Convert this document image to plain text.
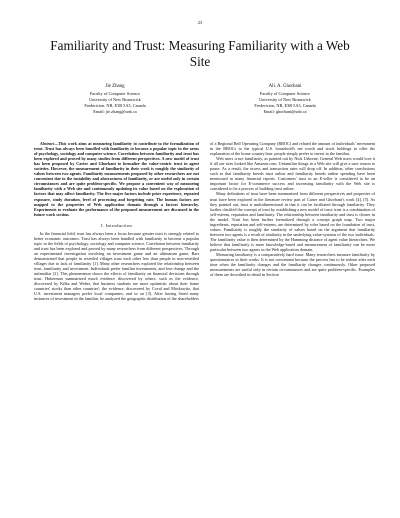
23
Familiarity and Trust: Measuring Familiarity with a Web Site
Jie Zhang
Faculty of Computer Science
University of New Brunswick
Fredericton, NB, E3B 5A3, Canada
Email: jie.zhang@unb.ca
Ali. A. Ghorbani
Faculty of Computer Science
University of New Brunswick
Fredericton, NB, E3B 5A3, Canada
Email: ghorbani@unb.ca

Abstract—This work aims at measuring familiarity to contribute to the formalization of trust. Trust has always been bundled with familiarity to become a popular topic in the areas of psychology, sociology and computer science. Correlation between familiarity and trust has been explored and proved by many studies from different perspectives. A new model of trust has been proposed by Carter and Ghorbani to formalize the value-centric trust in agent societies. However, the measurement of familiarity in their work is roughly the similarity of values between two agents. Familiarity measurements proposed by other researchers are not convenient due to the instability and abstractness of familiarity, or are useful only in certain circumstances and are quite problem-specific. We propose a convenient way of measuring familiarity with a Web site and continuously updating its value based on the exploration of factors that may affect familiarity. The five major factors include prior experience, repeated exposure, study duration, level of processing and forgetting rate. The human factors are mapped to the properties of Web application domain through a factors hierarchy. Experiments to evaluate the performance of the proposed measurement are discussed in the future work section.

I. Introduction

In the financial field, trust has always been a focus because greater trust is strongly related to better economic outcomes. Trust has always been bundled with familiarity to become a popular topic in the fields of psychology, sociology and computer science. Correlation between familiarity and trust has been explored and proved by many researchers from different perspectives. Through an experimental investigation involving an investment game and an ultimatum game, Barr demonstrated that people in resettled villages trust each other less than people in non-resettled villages due to lack of familiarity [1]. Many other researchers explored the relationship between trust, familiarity and investment. Individuals prefer familiar investments, and fear change and the unfamiliar [2]. This phenomenon shows the effects of familiarity on financial decisions through trust. Huberman summarized much evidence discovered by others, such as the evidence, discovered by Kilka and Weber, that business students are more optimistic about their home countries' stocks than other countries'; the evidence, discovered by Coval and Moskowitz, that U.S. investment managers prefer local companies; and so on [3]. After having listed many instances of investment in the familiar, he analyzed the geographic distribution of the shareholders

of a Regional Bell Operating Company (RBOC) and related the amount of individuals' investment in the RBOCs to the typical U.S. household's net worth and stock holdings to offer the explanation of the home country bias: people simply prefer to invest in the familiar.

Web users crave familiarity, as pointed out by Nick Usborne. General Web users would love it if all our sites looked like Amazon.com. Unfamiliar things in a Web site will give a user reason to pause. As a result, the access and transaction rates will drop off. In addition, other conclusions such as that familiarity breeds trust online and familiarity breeds online spending have been mentioned in many financial reports. Customers' trust in an E-seller is considered to be an important factor for E-commerce success and increasing familiarity with the Web site is considered to be a process of building trust online.

Many definitions of trust have been summarized from different perspectives and properties of trust have been explored in the literature review part of Carter and Ghorbani's work [4], [5]. As they pointed out, trust is multidimensional in that it can be facilitated through familiarity. They further clarified the concept of trust by establishing a new model of trust: trust is a combination of self-esteem, reputation and familiarity. The relationship between familiarity and trust is clearer in the model. Trust has been further formalized through a concept graph map. Two major ingredients, reputation and self-esteem, are determined by roles based on the foundation of trust, values. Familiarity is roughly the similarity of values based on the argument that familiarity between two agents is a result of similarity in the underlying value-systems of the two individuals. The familiarity value is then determined by the Hamming distance of agent value hierarchies. We believe that familiarity is more knowledge-based and measurement of familiarity can be more particular between two agents in the Web application domain.

Measuring familiarity is a comparatively hard issue. Many researchers measure familiarity by questionnaires in their works. It is not convenient because the process has to be redone after each time when the familiarity changes and the familiarity changes continuously. Other proposed measurements are useful only in certain circumstances and are quite problem-specific. Examples of them are described in detail in Section
